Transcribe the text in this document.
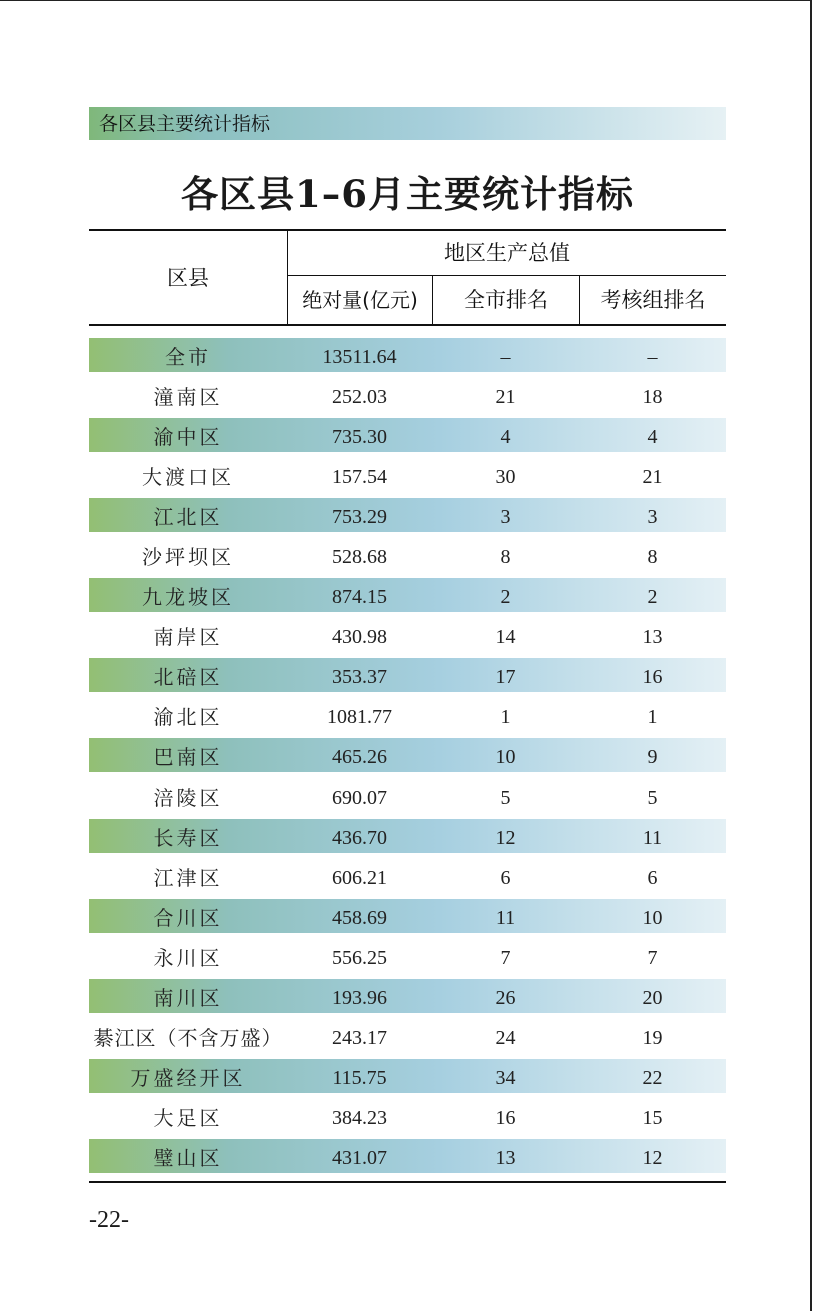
各区县主要统计指标
各区县1–6月主要统计指标
区县
地区生产总值
绝对量(亿元)	全市排名	考核组排名
全市	13511.64	–	–
潼南区	252.03	21	18
渝中区	735.30	4	4
大渡口区	157.54	30	21
江北区	753.29	3	3
沙坪坝区	528.68	8	8
九龙坡区	874.15	2	2
南岸区	430.98	14	13
北碚区	353.37	17	16
渝北区	1081.77	1	1
巴南区	465.26	10	9
涪陵区	690.07	5	5
长寿区	436.70	12	11
江津区	606.21	6	6
合川区	458.69	11	10
永川区	556.25	7	7
南川区	193.96	26	20
綦江区（不含万盛）	243.17	24	19
万盛经开区	115.75	34	22
大足区	384.23	16	15
璧山区	431.07	13	12
-22-
